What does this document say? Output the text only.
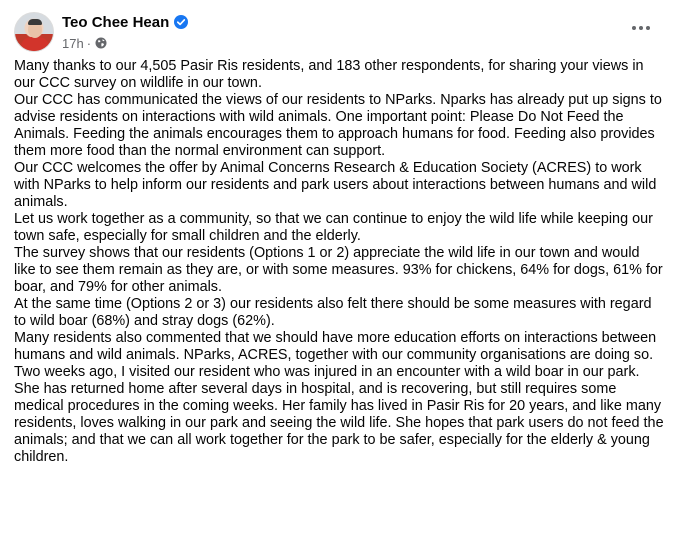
Teo Chee Hean
17h ·

Many thanks to our 4,505 Pasir Ris residents, and 183 other respondents, for sharing your views in our CCC survey on wildlife in our town.

Our CCC has communicated the views of our residents to NParks. Nparks has already put up signs to advise residents on interactions with wild animals. One important point: Please Do Not Feed the Animals. Feeding the animals encourages them to approach humans for food. Feeding also provides them more food than the normal environment can support.

Our CCC welcomes the offer by Animal Concerns Research & Education Society (ACRES) to work with NParks to help inform our residents and park users about interactions between humans and wild animals.

Let us work together as a community, so that we can continue to enjoy the wild life while keeping our town safe, especially for small children and the elderly.

The survey shows that our residents (Options 1 or 2) appreciate the wild life in our town and would like to see them remain as they are, or with some measures. 93% for chickens, 64% for dogs, 61% for boar, and 79% for other animals.

At the same time (Options 2 or 3) our residents also felt there should be some measures with regard to wild boar (68%) and stray dogs (62%).

Many residents also commented that we should have more education efforts on interactions between humans and wild animals. NParks, ACRES, together with our community organisations are doing so.

Two weeks ago, I visited our resident who was injured in an encounter with a wild boar in our park. She has returned home after several days in hospital, and is recovering, but still requires some medical procedures in the coming weeks. Her family has lived in Pasir Ris for 20 years, and like many residents, loves walking in our park and seeing the wild life. She hopes that park users do not feed the animals; and that we can all work together for the park to be safer, especially for the elderly & young children.
